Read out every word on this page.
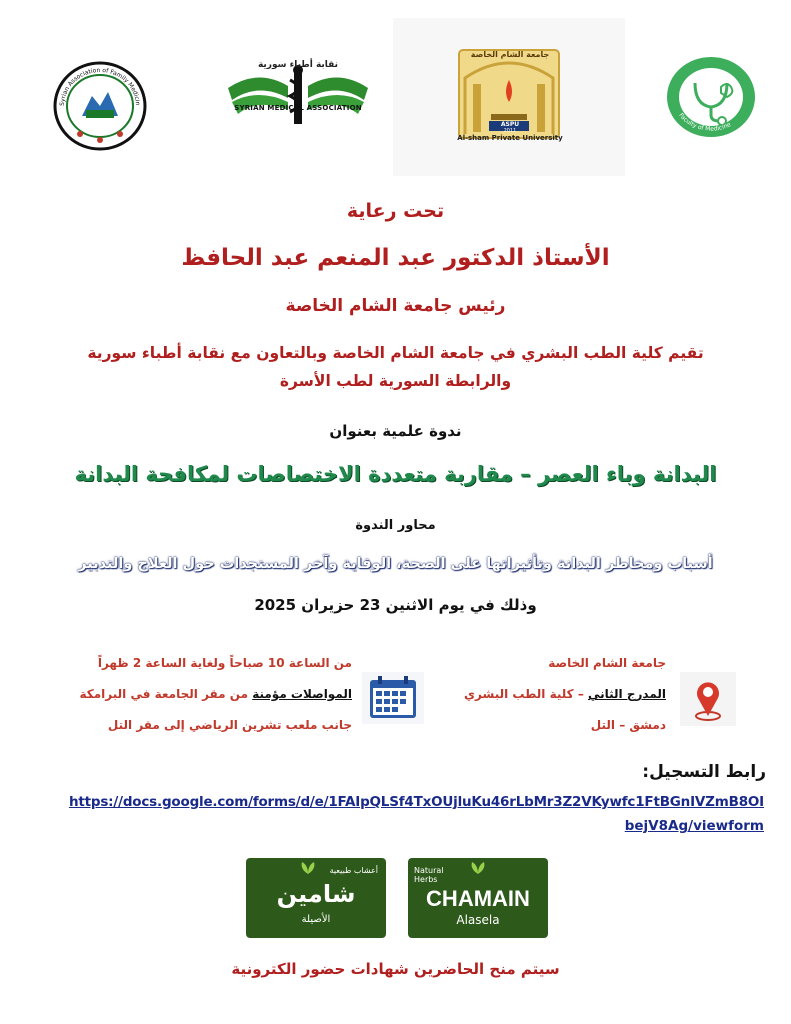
Syrian Association of Family Medicin
نقابة أطباء سورية
SYRIAN MEDICAL ASSOCIATION
جامعة الشام الخاصة
ASPU
2011
Al-sham Private University
Faculty of Medicine
تحت رعاية
الأستاذ الدكتور عبد المنعم عبد الحافظ
رئيس جامعة الشام الخاصة
تقيم كلية الطب البشري في جامعة الشام الخاصة وبالتعاون مع نقابة أطباء سورية
والرابطة السورية لطب الأسرة
ندوة علمية بعنوان
البدانة وباء العصر – مقاربة متعددة الاختصاصات لمكافحة البدانة
محاور الندوة
أسباب ومخاطر البدانة وتأثيراتها على الصحة، الوقاية وآخر المستجدات حول العلاج والتدبير
وذلك في يوم الاثنين 23 حزيران 2025
جامعة الشام الخاصة
المدرج الثاني – كلية الطب البشري
دمشق – التل
من الساعة 10 صباحاً ولغاية الساعة 2 ظهراً
المواصلات مؤمنة من مقر الجامعة في البرامكة
جانب ملعب تشرين الرياضي إلى مقر التل
رابط التسجيل:
https://docs.google.com/forms/d/e/1FAIpQLSf4TxOUjluKu46rLbMr3Z2VKywfc1FtBGnIVZmB8OI
bejV8Ag/viewform
أعشاب طبيعية
شامين
الأصيلة
Natural Herbs
CHAMAIN
Alasela
سيتم منح الحاضرين شهادات حضور الكترونية
